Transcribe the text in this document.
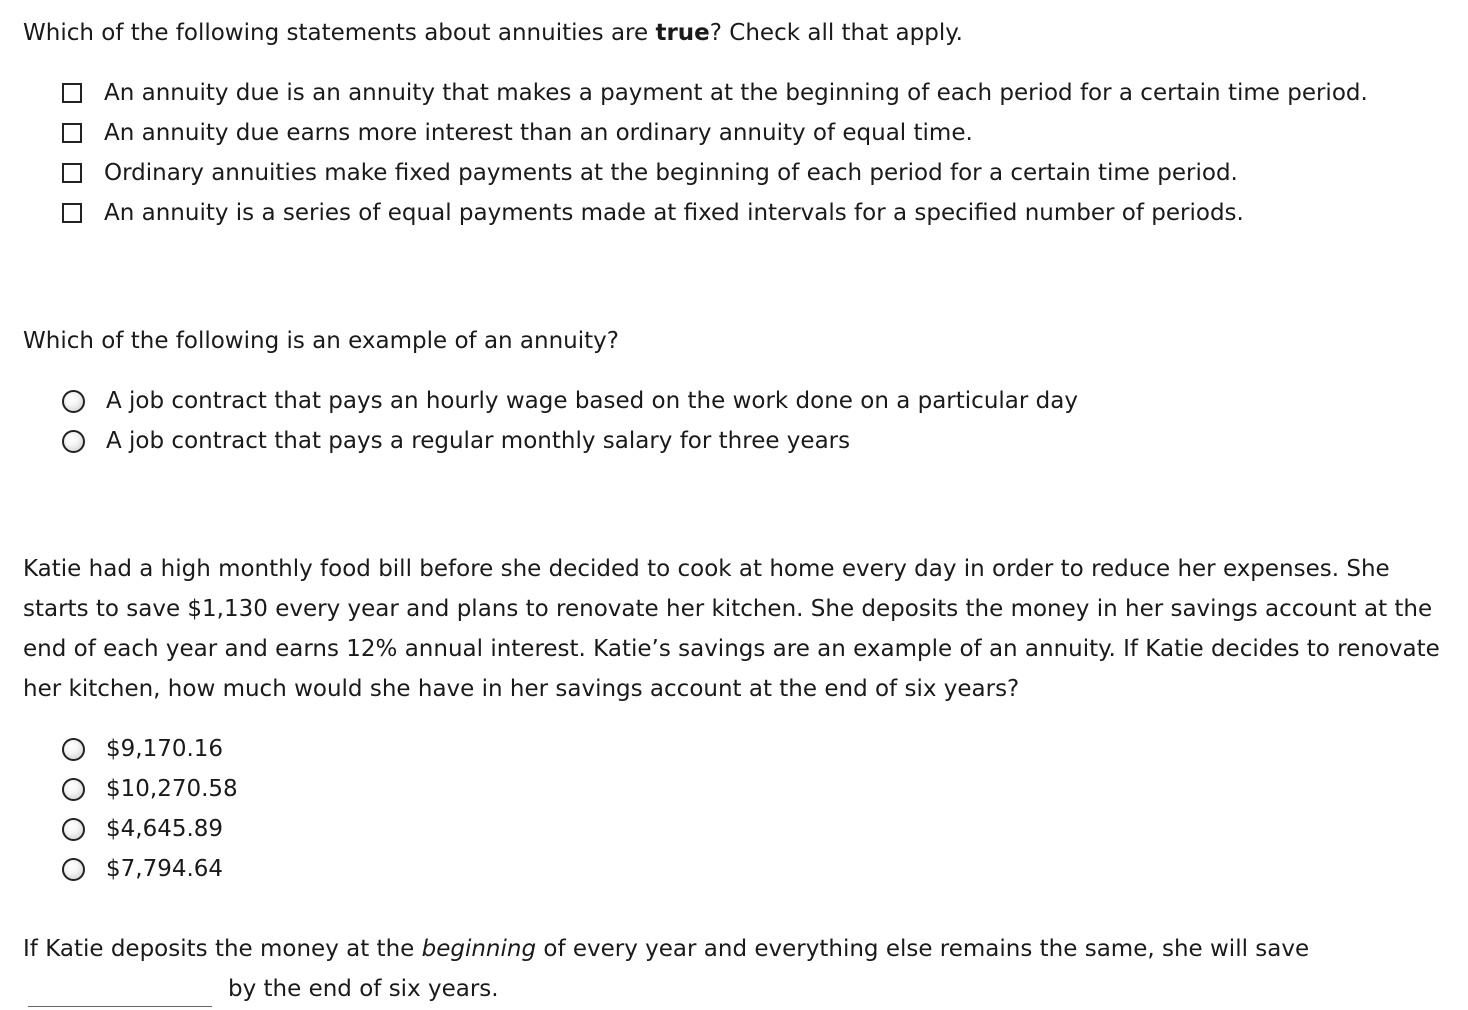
Which of the following statements about annuities are true? Check all that apply.

An annuity due is an annuity that makes a payment at the beginning of each period for a certain time period.
An annuity due earns more interest than an ordinary annuity of equal time.
Ordinary annuities make fixed payments at the beginning of each period for a certain time period.
An annuity is a series of equal payments made at fixed intervals for a specified number of periods.

Which of the following is an example of an annuity?

A job contract that pays an hourly wage based on the work done on a particular day
A job contract that pays a regular monthly salary for three years

Katie had a high monthly food bill before she decided to cook at home every day in order to reduce her expenses. She starts to save $1,130 every year and plans to renovate her kitchen. She deposits the money in her savings account at the end of each year and earns 12% annual interest. Katie’s savings are an example of an annuity. If Katie decides to renovate her kitchen, how much would she have in her savings account at the end of six years?

$9,170.16
$10,270.58
$4,645.89
$7,794.64
If Katie deposits the money at the beginning of every year and everything else remains the same, she will save
by the end of six years.
